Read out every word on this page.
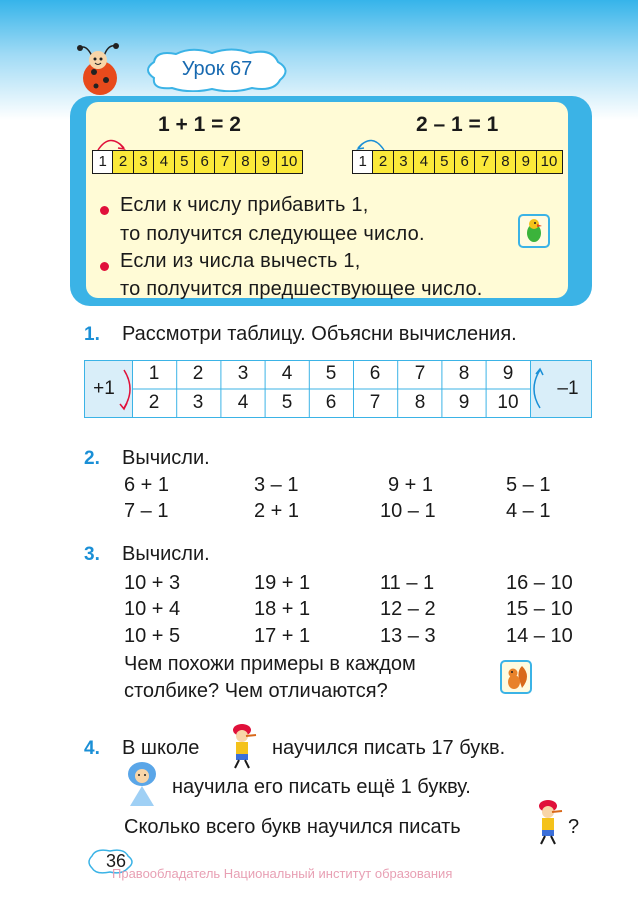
Урок 67
1 + 1 = 2	2 – 1 = 1
1 2 3 4 5 6 7 8 9 10	1 2 3 4 5 6 7 8 9 10
Если к числу прибавить 1,
то получится следующее число.
Если из числа вычесть 1,
то получится предшествующее число.
1. Рассмотри таблицу. Объясни вычисления.
+1	–1
1	2	3	4	5	6	7	8	9
2	3	4	5	6	7	8	9	10
2. Вычисли.
6 + 1	3 – 1	9 + 1	5 – 1
7 – 1	2 + 1	10 – 1	4 – 1
3. Вычисли.
10 + 3	19 + 1	11 – 1	16 – 10
10 + 4	18 + 1	12 – 2	15 – 10
10 + 5	17 + 1	13 – 3	14 – 10
Чем похожи примеры в каждом
столбике? Чем отличаются?
4. В школе	научился писать 17 букв.
научила его писать ещё 1 букву.
Сколько всего букв научился писать	?
36
Правообладатель Национальный институт образования
